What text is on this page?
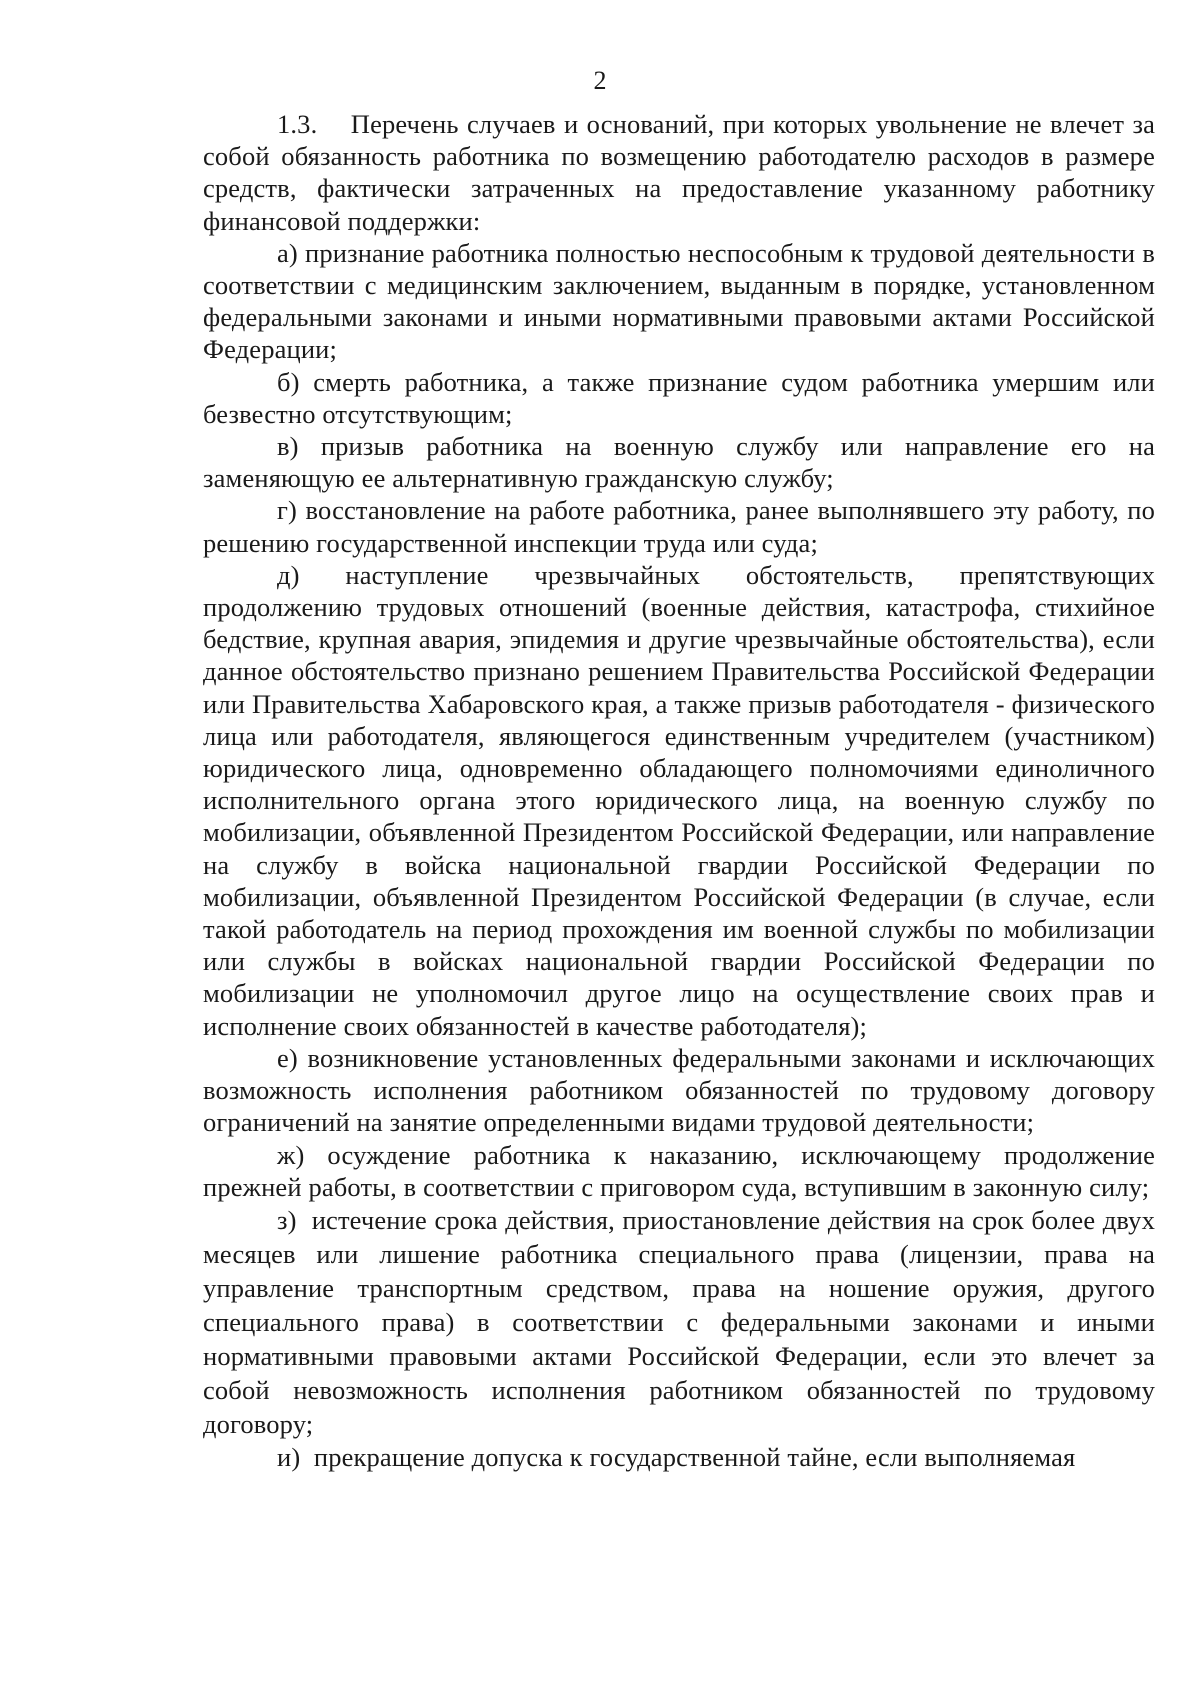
2

1.3.    Перечень случаев и оснований, при которых увольнение не влечет за собой обязанность работника по возмещению работодателю расходов в размере средств, фактически затраченных на предоставление указанному работнику финансовой поддержки:

а) признание работника полностью неспособным к трудовой деятельности в соответствии с медицинским заключением, выданным в порядке, установленном федеральными законами и иными нормативными правовыми актами Российской Федерации;

б) смерть работника, а также признание судом работника умершим или безвестно отсутствующим;

в) призыв работника на военную службу или направление его на заменяющую ее альтернативную гражданскую службу;

г) восстановление на работе работника, ранее выполнявшего эту работу, по решению государственной инспекции труда или суда;

д) наступление чрезвычайных обстоятельств, препятствующих продолжению трудовых отношений (военные действия, катастрофа, стихийное бедствие, крупная авария, эпидемия и другие чрезвычайные обстоятельства), если данное обстоятельство признано решением Правительства Российской Федерации или Правительства Хабаровского края, а также призыв работодателя - физического лица или работодателя, являющегося единственным учредителем (участником) юридического лица, одновременно обладающего полномочиями единоличного исполнительного органа этого юридического лица, на военную службу по мобилизации, объявленной Президентом Российской Федерации, или направление на службу в войска национальной гвардии Российской Федерации по мобилизации, объявленной Президентом Российской Федерации (в случае, если такой работодатель на период прохождения им военной службы по мобилизации или службы в войсках национальной гвардии Российской Федерации по мобилизации не уполномочил другое лицо на осуществление своих прав и исполнение своих обязанностей в качестве работодателя);

е) возникновение установленных федеральными законами и исключающих возможность исполнения работником обязанностей по трудовому договору ограничений на занятие определенными видами трудовой деятельности;

ж) осуждение работника к наказанию, исключающему продолжение прежней работы, в соответствии с приговором суда, вступившим в законную силу;

з)  истечение срока действия, приостановление действия на срок более двух месяцев или лишение работника специального права (лицензии, права на управление транспортным средством, права на ношение оружия, другого специального права) в соответствии с федеральными законами и иными нормативными правовыми актами Российской Федерации, если это влечет за собой невозможность исполнения работником обязанностей по трудовому договору;

и)  прекращение допуска к государственной тайне, если выполняемая
